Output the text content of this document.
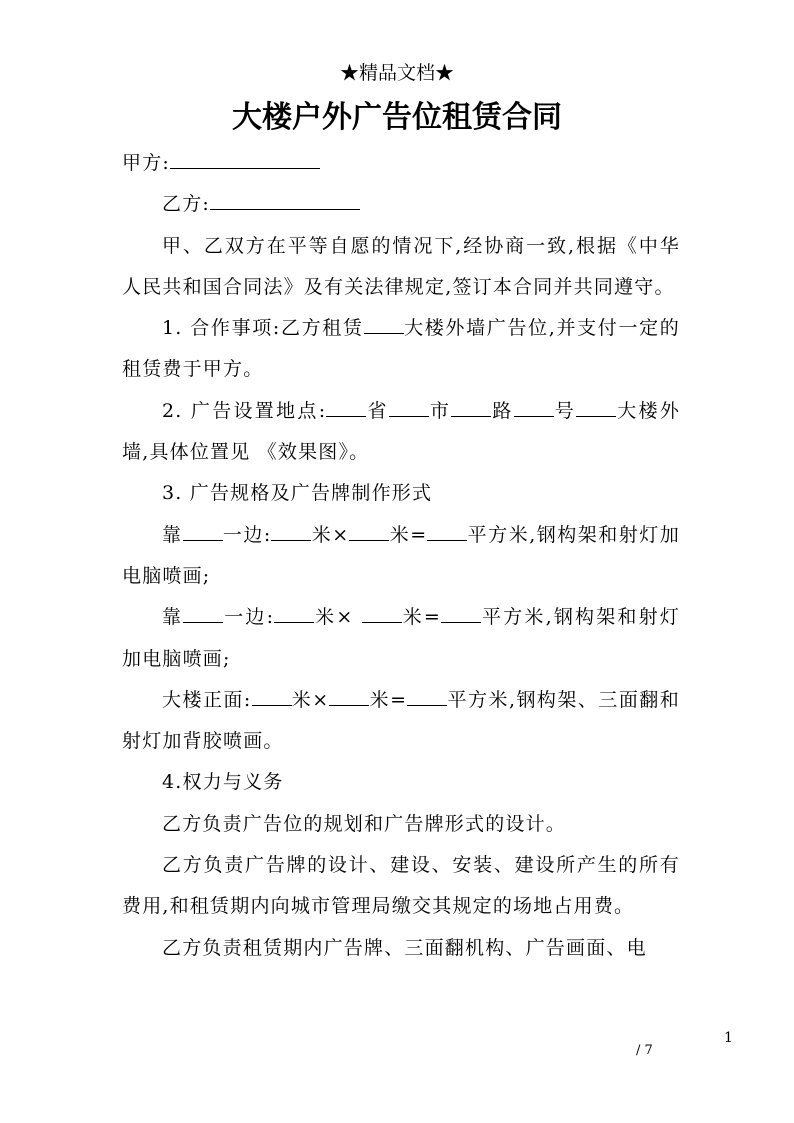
★精品文档★
大楼户外广告位租赁合同

甲方:

乙方:

甲、乙双方在平等自愿的情况下,经协商一致,根据《中华人民共和国合同法》及有关法律规定,签订本合同并共同遵守。

1. 合作事项:乙方租赁 大楼外墙广告位,并支付一定的租赁费于甲方。

2. 广告设置地点: 省 市 路 号 大楼外墙,具体位置见 《效果图》。

3. 广告规格及广告牌制作形式

靠 一边: 米× 米= 平方米,钢构架和射灯加电脑喷画;

靠 一边: 米× 米= 平方米,钢构架和射灯加电脑喷画;

大楼正面: 米× 米= 平方米,钢构架、三面翻和射灯加背胶喷画。

4.权力与义务

乙方负责广告位的规划和广告牌形式的设计。

乙方负责广告牌的设计、建设、安装、建设所产生的所有费用,和租赁期内向城市管理局缴交其规定的场地占用费。

乙方负责租赁期内广告牌、三面翻机构、广告画面、电

1
/ 7
